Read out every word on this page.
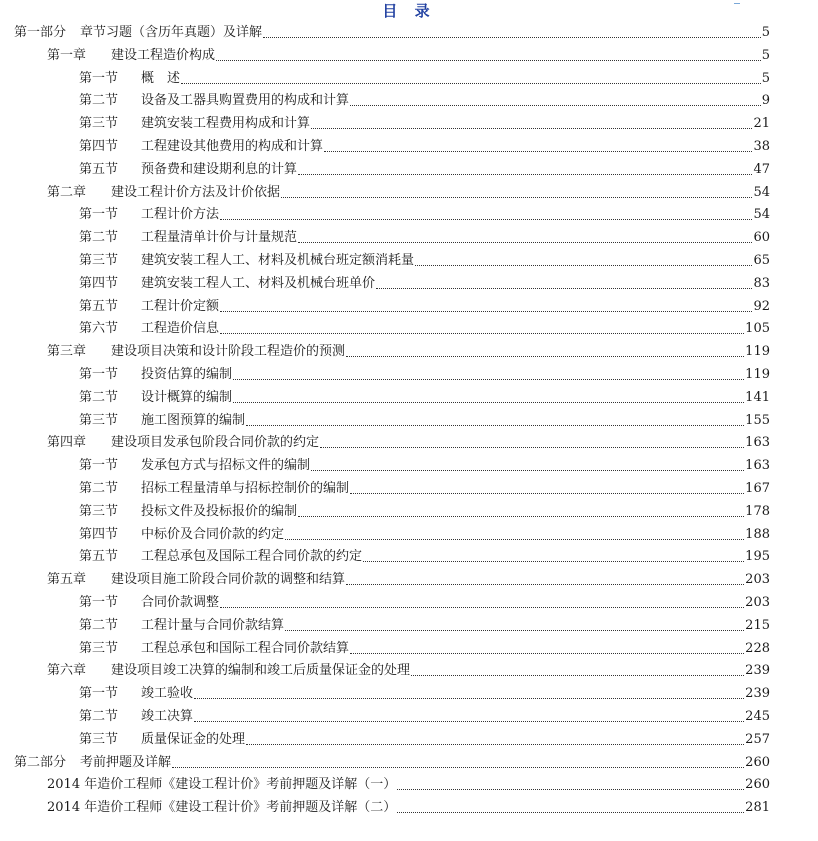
目 录
第一部分	章节习题（含历年真题）及详解	5
第一章	建设工程造价构成	5
第一节	概　述	5
第二节	设备及工器具购置费用的构成和计算	9
第三节	建筑安装工程费用构成和计算	21
第四节	工程建设其他费用的构成和计算	38
第五节	预备费和建设期利息的计算	47
第二章	建设工程计价方法及计价依据	54
第一节	工程计价方法	54
第二节	工程量清单计价与计量规范	60
第三节	建筑安装工程人工、材料及机械台班定额消耗量	65
第四节	建筑安装工程人工、材料及机械台班单价	83
第五节	工程计价定额	92
第六节	工程造价信息	105
第三章	建设项目决策和设计阶段工程造价的预测	119
第一节	投资估算的编制	119
第二节	设计概算的编制	141
第三节	施工图预算的编制	155
第四章	建设项目发承包阶段合同价款的约定	163
第一节	发承包方式与招标文件的编制	163
第二节	招标工程量清单与招标控制价的编制	167
第三节	投标文件及投标报价的编制	178
第四节	中标价及合同价款的约定	188
第五节	工程总承包及国际工程合同价款的约定	195
第五章	建设项目施工阶段合同价款的调整和结算	203
第一节	合同价款调整	203
第二节	工程计量与合同价款结算	215
第三节	工程总承包和国际工程合同价款结算	228
第六章	建设项目竣工决算的编制和竣工后质量保证金的处理	239
第一节	竣工验收	239
第二节	竣工决算	245
第三节	质量保证金的处理	257
第二部分	考前押题及详解	260
2014 年造价工程师《建设工程计价》考前押题及详解（一）	260
2014 年造价工程师《建设工程计价》考前押题及详解（二）	281
